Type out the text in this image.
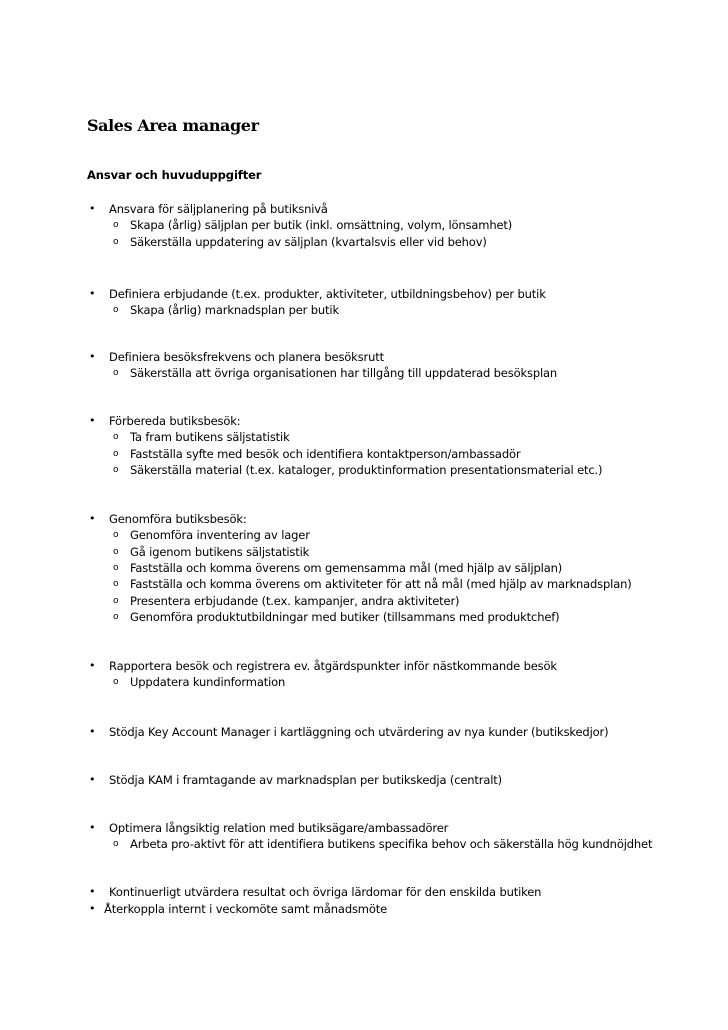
Sales Area manager

Ansvar och huvuduppgifter

• Ansvara för säljplanering på butiksnivå
o Skapa (årlig) säljplan per butik (inkl. omsättning, volym, lönsamhet)
o Säkerställa uppdatering av säljplan (kvartalsvis eller vid behov)
• Definiera erbjudande (t.ex. produkter, aktiviteter, utbildningsbehov) per butik
o Skapa (årlig) marknadsplan per butik
• Definiera besöksfrekvens och planera besöksrutt
o Säkerställa att övriga organisationen har tillgång till uppdaterad besöksplan
• Förbereda butiksbesök:
o Ta fram butikens säljstatistik
o Fastställa syfte med besök och identifiera kontaktperson/ambassadör
o Säkerställa material (t.ex. kataloger, produktinformation presentationsmaterial etc.)
• Genomföra butiksbesök:
o Genomföra inventering av lager
o Gå igenom butikens säljstatistik
o Fastställa och komma överens om gemensamma mål (med hjälp av säljplan)
o Fastställa och komma överens om aktiviteter för att nå mål (med hjälp av marknadsplan)
o Presentera erbjudande (t.ex. kampanjer, andra aktiviteter)
o Genomföra produktutbildningar med butiker (tillsammans med produktchef)
• Rapportera besök och registrera ev. åtgärdspunkter inför nästkommande besök
o Uppdatera kundinformation
• Stödja Key Account Manager i kartläggning och utvärdering av nya kunder (butikskedjor)
• Stödja KAM i framtagande av marknadsplan per butikskedja (centralt)
• Optimera långsiktig relation med butiksägare/ambassadörer
o Arbeta pro-aktivt för att identifiera butikens specifika behov och säkerställa hög kundnöjdhet
• Kontinuerligt utvärdera resultat och övriga lärdomar för den enskilda butiken
• Återkoppla internt i veckomöte samt månadsmöte
